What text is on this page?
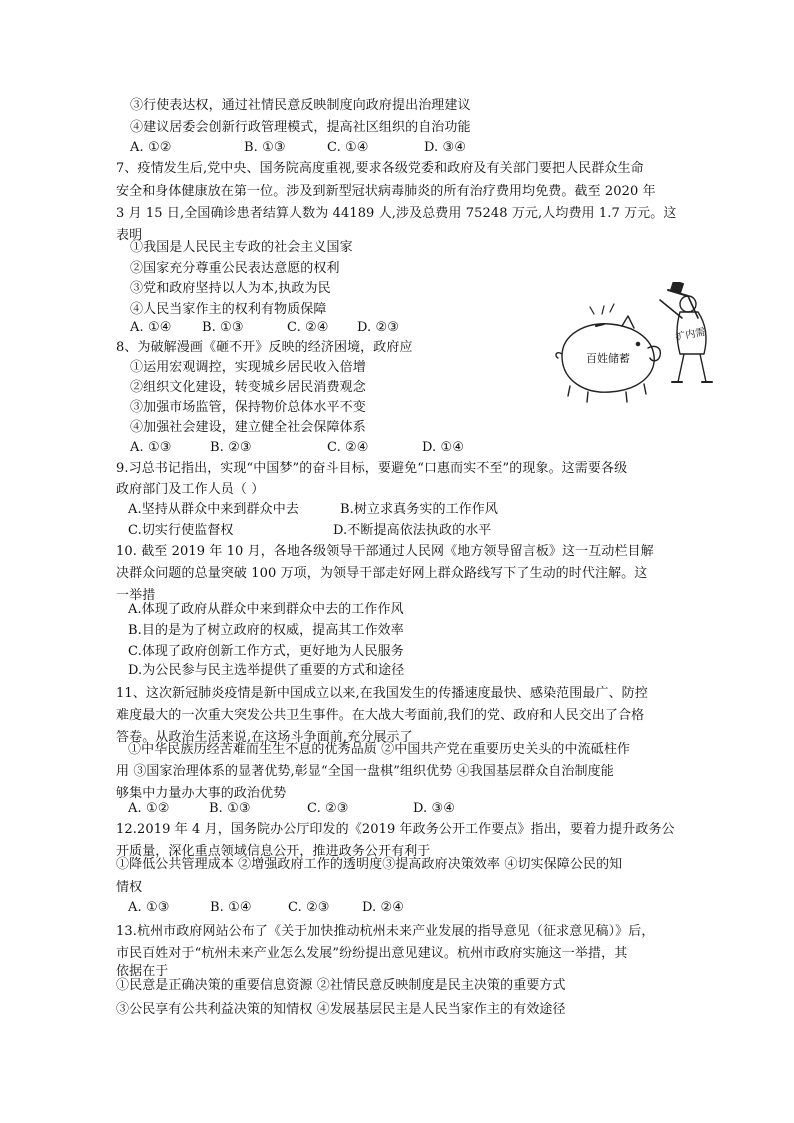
③行使表达权，通过社情民意反映制度向政府提出治理建议
④建议居委会创新行政管理模式，提高社区组织的自治功能
A. ①②	B. ①③	C. ①④	D. ③④
7、疫情发生后,党中央、国务院高度重视,要求各级党委和政府及有关部门要把人民群众生命
安全和身体健康放在第一位。涉及到新型冠状病毒肺炎的所有治疗费用均免费。截至 2020 年
3 月 15 日,全国确诊患者结算人数为 44189 人,涉及总费用 75248 万元,人均费用 1.7 万元。这
表明
①我国是人民民主专政的社会主义国家
②国家充分尊重公民表达意愿的权利
③党和政府坚持以人为本,执政为民
④人民当家作主的权利有物质保障
A. ①④ B. ①③	C. ②④ D. ②③
8、为破解漫画《砸不开》反映的经济困境，政府应
①运用宏观调控，实现城乡居民收入倍增
②组织文化建设，转变城乡居民消费观念
③加强市场监管，保持物价总体水平不变
④加强社会建设，建立健全社会保障体系
A. ①③	B. ②③	C. ②④	D. ①④
百姓储蓄
扩内需
9.习总书记指出，实现“中国梦”的奋斗目标，要避免“口惠而实不至”的现象。这需要各级
政府部门及工作人员（ ）
A.坚持从群众中来到群众中去	B.树立求真务实的工作作风
C.切实行使监督权	D.不断提高依法执政的水平
10. 截至 2019 年 10 月，各地各级领导干部通过人民网《地方领导留言板》这一互动栏目解
决群众问题的总量突破 100 万项，为领导干部走好网上群众路线写下了生动的时代注解。这
一举措
A.体现了政府从群众中来到群众中去的工作作风
B.目的是为了树立政府的权威，提高其工作效率
C.体现了政府创新工作方式，更好地为人民服务
D.为公民参与民主选举提供了重要的方式和途径
11、这次新冠肺炎疫情是新中国成立以来,在我国发生的传播速度最快、感染范围最广、防控
难度最大的一次重大突发公共卫生事件。在大战大考面前,我们的党、政府和人民交出了合格
答卷。从政治生活来说,在这场斗争面前,充分展示了
①中华民族历经苦难而生生不息的优秀品质 ②中国共产党在重要历史关头的中流砥柱作
用 ③国家治理体系的显著优势,彰显“全国一盘棋”组织优势 ④我国基层群众自治制度能
够集中力量办大事的政治优势
A. ①②	B. ①③	C. ②③	D. ③④
12.2019 年 4 月，国务院办公厅印发的《2019 年政务公开工作要点》指出，要着力提升政务公
开质量，深化重点领域信息公开，推进政务公开有利于
①降低公共管理成本 ②增强政府工作的透明度③提高政府决策效率 ④切实保障公民的知
情权
A. ①③	B. ①④	C. ②③ D. ②④
13.杭州市政府网站公布了《关于加快推动杭州未来产业发展的指导意见（征求意见稿）》后，
市民百姓对于“杭州未来产业怎么发展”纷纷提出意见建议。杭州市政府实施这一举措，其
依据在于
①民意是正确决策的重要信息资源 ②社情民意反映制度是民主决策的重要方式
③公民享有公共利益决策的知情权 ④发展基层民主是人民当家作主的有效途径
